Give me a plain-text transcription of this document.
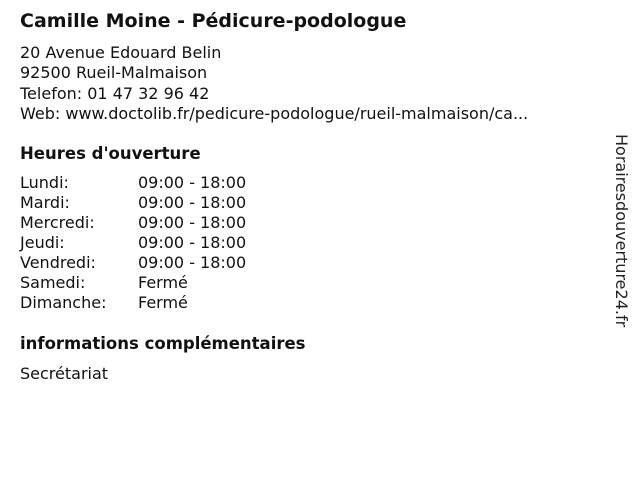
Camille Moine - Pédicure-podologue
20 Avenue Edouard Belin
92500 Rueil-Malmaison
Telefon: 01 47 32 96 42
Web: www.doctolib.fr/pedicure-podologue/rueil-malmaison/ca...
Heures d'ouverture
Lundi:	09:00 - 18:00
Mardi:	09:00 - 18:00
Mercredi:	09:00 - 18:00
Jeudi:	09:00 - 18:00
Vendredi:	09:00 - 18:00
Samedi:	Fermé
Dimanche: Fermé
informations complémentaires
Secrétariat
Horairesdouverture24.fr
